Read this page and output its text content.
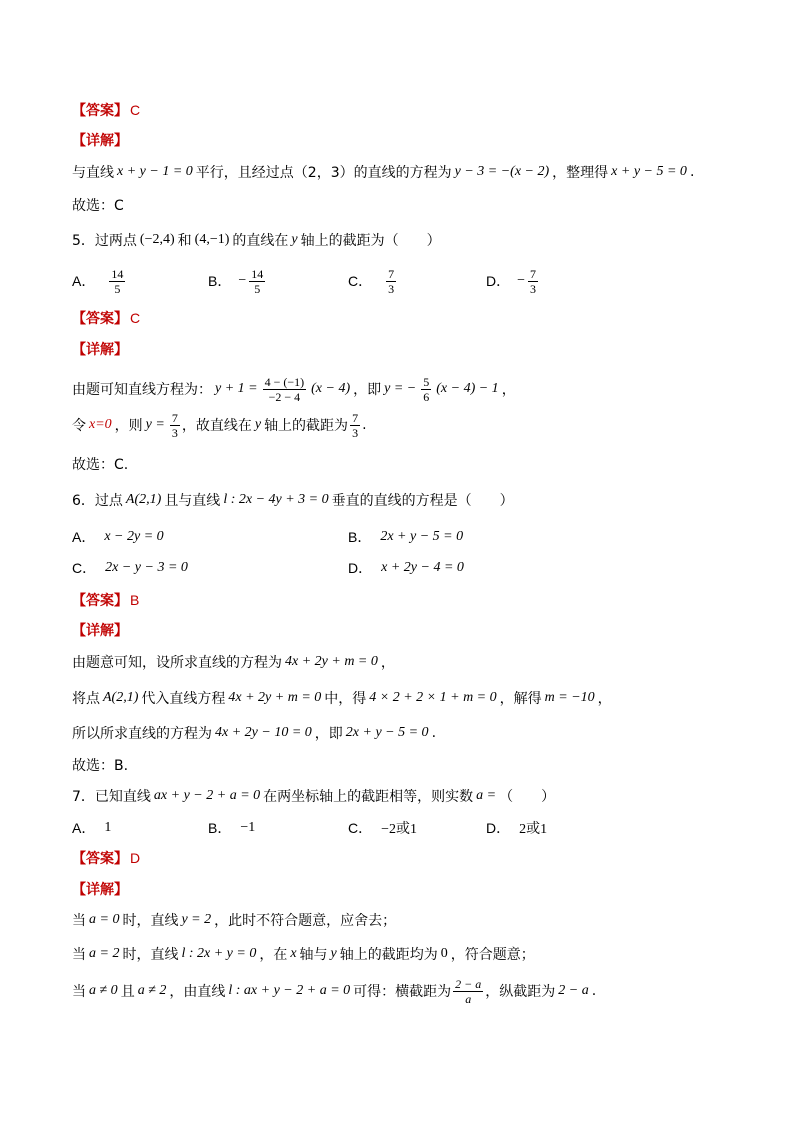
【答案】 C
【详解】
与直线 x + y − 1 = 0 平行，且经过点（2，3）的直线的方程为 y − 3 = −(x − 2) ，整理得 x + y − 5 = 0 .
故选：C
5．过两点 (−2,4) 和 (4,−1) 的直线在 y 轴上的截距为（　　）
A． $\frac{14}{5}$	B． − $\frac{14}{5}$	C． $\frac{7}{3}$	D． − $\frac{7}{3}$
【答案】 C
【详解】
由题可知直线方程为： $y + 1 = \frac{4 - (-1)}{-2 - 4} (x - 4)$ ，即 y = − $\frac{5}{6} (x - 4) - 1$ ，
令 x=0 ，则 $y = \frac{7}{3}$ ，故直线在 y 轴上的截距为 $\frac{7}{3}$ .
故选：C.
6．过点 A(2,1) 且与直线 l : 2x − 4y + 3 = 0 垂直的直线的方程是（　　）
A． x − 2y = 0	B． 2x + y − 5 = 0
C． 2x − y − 3 = 0	D． x + 2y − 4 = 0
【答案】 B
【详解】
由题意可知，设所求直线的方程为 4x + 2y + m = 0 ，
将点 A(2,1) 代入直线方程 4x + 2y + m = 0 中，得 4 × 2 + 2 × 1 + m = 0 ，解得 m = −10 ，
所以所求直线的方程为 4x + 2y − 10 = 0 ，即 2x + y − 5 = 0 .
故选：B.
7．已知直线 ax + y − 2 + a = 0 在两坐标轴上的截距相等，则实数 a = （　　）
A． 1	B． −1	C． −2或1	D． 2或1
【答案】 D
【详解】
当 a = 0 时，直线 y = 2 ，此时不符合题意，应舍去；
当 a = 2 时，直线 l : 2x + y = 0 ，在 x 轴与 y 轴上的截距均为 0 ，符合题意；
当 a ≠ 0 且 a ≠ 2 ，由直线 l : ax + y − 2 + a = 0 可得：横截距为 $\frac{2 - a}{a}$ ，纵截距为 2 − a .
